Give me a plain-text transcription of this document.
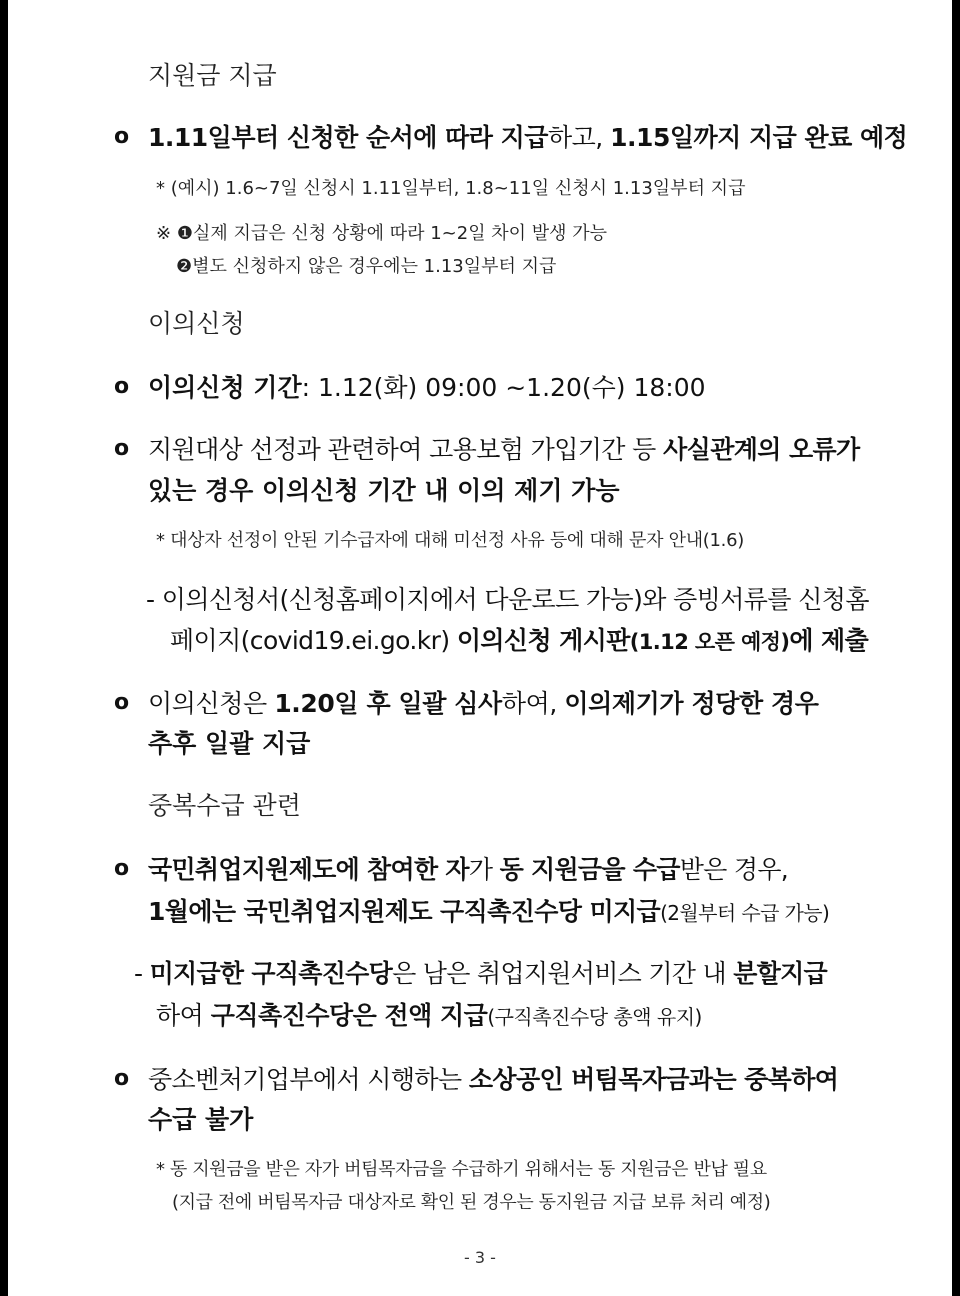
지원금 지급
o 1.11일부터 신청한 순서에 따라 지급하고, 1.15일까지 지급 완료 예정
* (예시) 1.6~7일 신청시 1.11일부터, 1.8~11일 신청시 1.13일부터 지급
※ ❶실제 지급은 신청 상황에 따라 1~2일 차이 발생 가능
❷별도 신청하지 않은 경우에는 1.13일부터 지급
이의신청
o 이의신청 기간: 1.12(화) 09:00 ~1.20(수) 18:00
o 지원대상 선정과 관련하여 고용보험 가입기간 등 사실관계의 오류가
있는 경우 이의신청 기간 내 이의 제기 가능
* 대상자 선정이 안된 기수급자에 대해 미선정 사유 등에 대해 문자 안내(1.6)
- 이의신청서(신청홈페이지에서 다운로드 가능)와 증빙서류를 신청홈
페이지(covid19.ei.go.kr) 이의신청 게시판(1.12 오픈 예정)에 제출
o 이의신청은 1.20일 후 일괄 심사하여, 이의제기가 정당한 경우
추후 일괄 지급
중복수급 관련
o 국민취업지원제도에 참여한 자가 동 지원금을 수급받은 경우,
1월에는 국민취업지원제도 구직촉진수당 미지급(2월부터 수급 가능)
- 미지급한 구직촉진수당은 남은 취업지원서비스 기간 내 분할지급
하여 구직촉진수당은 전액 지급(구직촉진수당 총액 유지)
o 중소벤처기업부에서 시행하는 소상공인 버팀목자금과는 중복하여
수급 불가
* 동 지원금을 받은 자가 버팀목자금을 수급하기 위해서는 동 지원금은 반납 필요
(지급 전에 버팀목자금 대상자로 확인 된 경우는 동지원금 지급 보류 처리 예정)
- 3 -
